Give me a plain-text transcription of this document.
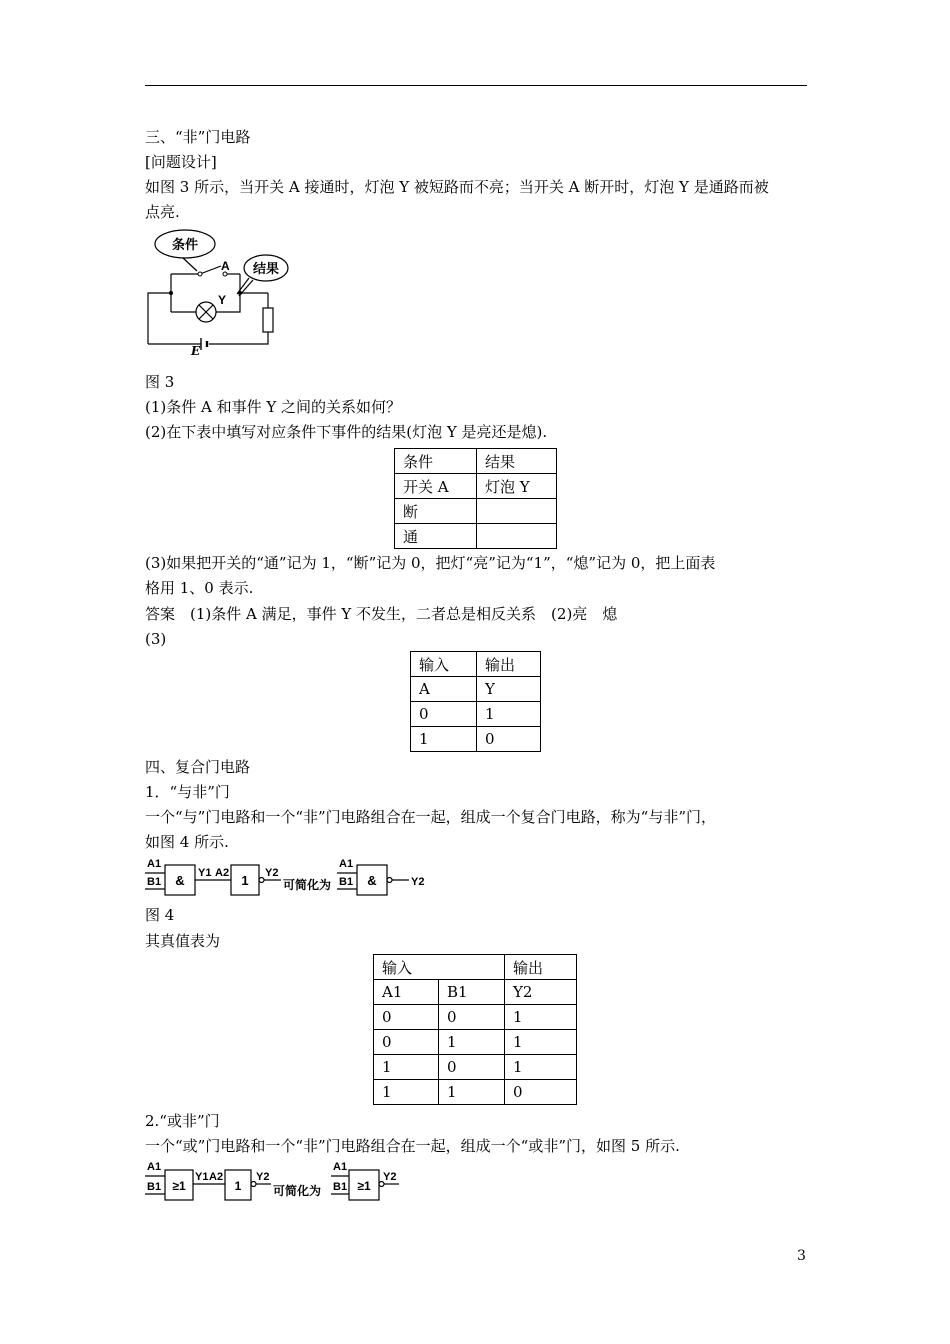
三、“非”门电路
[问题设计]
如图 3 所示，当开关 A 接通时，灯泡 Y 被短路而不亮；当开关 A 断开时，灯泡 Y 是通路而被
点亮.
条件
结果
A
Y
E
图 3
(1)条件 A 和事件 Y 之间的关系如何？
(2)在下表中填写对应条件下事件的结果(灯泡 Y 是亮还是熄).
条件	结果
开关 A	灯泡 Y
断	
通	
(3)如果把开关的“通”记为 1，“断”记为 0，把灯“亮”记为“1”，“熄”记为 0，把上面表
格用 1、0 表示.
答案　(1)条件 A 满足，事件 Y 不发生，二者总是相反关系　(2)亮　熄
(3)
输入	输出
A	Y
0	1
1	0
四、复合门电路
1．“与非”门
一个“与”门电路和一个“非”门电路组合在一起，组成一个复合门电路，称为“与非”门，
如图 4 所示.
A1
B1 & Y1 A2 1 Y2
可简化为
A1
B1 &	Y2
图 4
其真值表为
输入		输出
A1	B1	Y2
0	0	1
0	1	1
1	0	1
1	1	0
2.“或非”门
一个“或”门电路和一个“非”门电路组合在一起，组成一个“或非”门，如图 5 所示.
A1
B1 ≥1
Y1 A2
1
Y2
可简化为
A1
B1 ≥1
Y2
3
